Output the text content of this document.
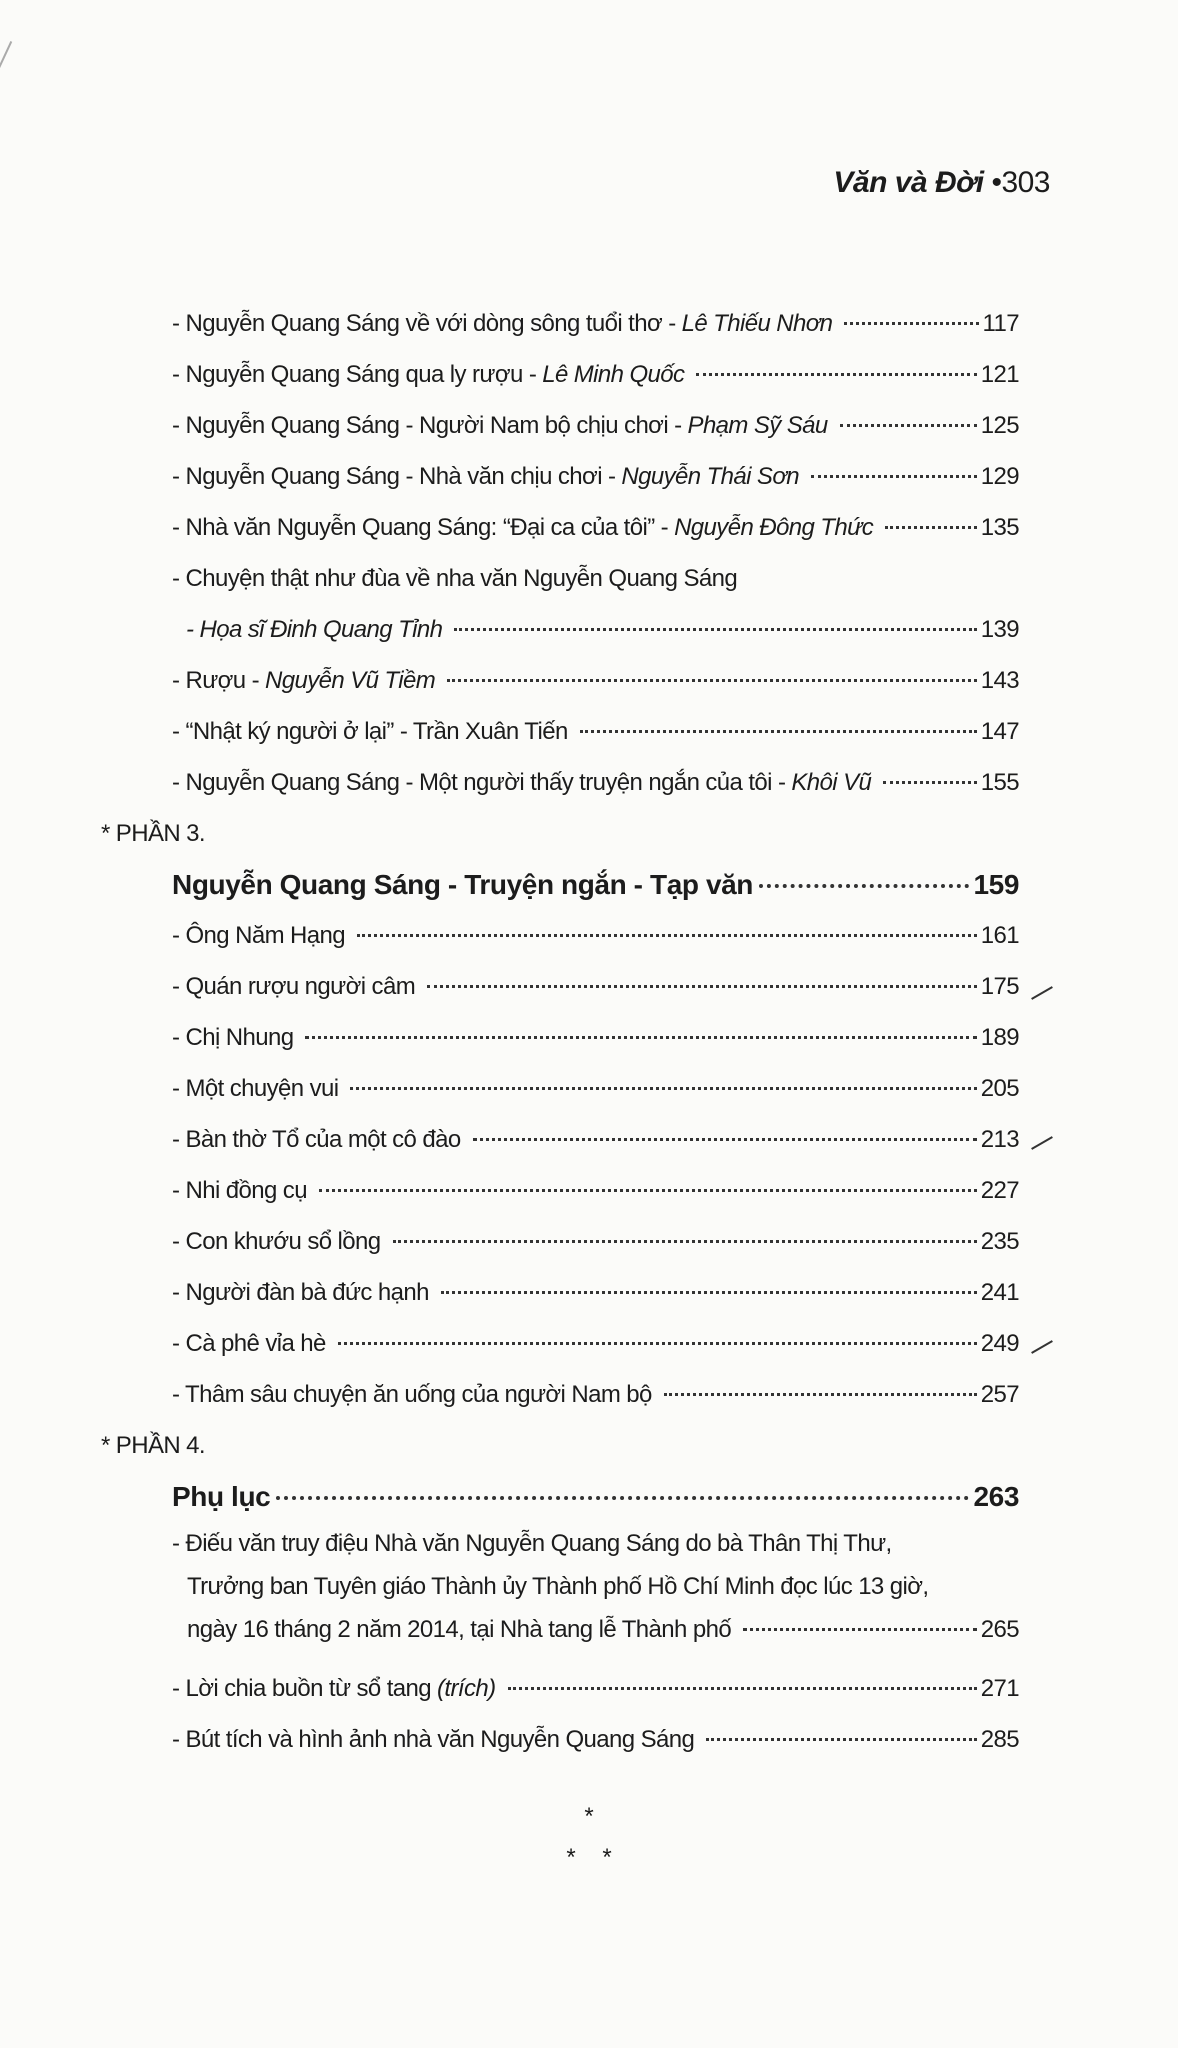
Văn và Đời •303
- Nguyễn Quang Sáng về với dòng sông tuổi thơ - Lê Thiếu Nhơn	117
- Nguyễn Quang Sáng qua ly rượu - Lê Minh Quốc	121
- Nguyễn Quang Sáng - Người Nam bộ chịu chơi - Phạm Sỹ Sáu	125
- Nguyễn Quang Sáng - Nhà văn chịu chơi - Nguyễn Thái Sơn	129
- Nhà văn Nguyễn Quang Sáng: “Đại ca của tôi” - Nguyễn Đông Thức	135
- Chuyện thật như đùa về nha văn Nguyễn Quang Sáng
- Họa sĩ Đinh Quang Tỉnh	139
- Rượu - Nguyễn Vũ Tiềm	143
- “Nhật ký người ở lại” - Trần Xuân Tiến	147
- Nguyễn Quang Sáng - Một người thấy truyện ngắn của tôi - Khôi Vũ	155
* PHẦN 3.
Nguyễn Quang Sáng - Truyện ngắn - Tạp văn	159
- Ông Năm Hạng	161
- Quán rượu người câm	175
- Chị Nhung	189
- Một chuyện vui	205
- Bàn thờ Tổ của một cô đào	213
- Nhi đồng cụ	227
- Con khướu sổ lồng	235
- Người đàn bà đức hạnh	241
- Cà phê vỉa hè	249
- Thâm sâu chuyện ăn uống của người Nam bộ	257
* PHẦN 4.
Phụ lục	263
- Điếu văn truy điệu Nhà văn Nguyễn Quang Sáng do bà Thân Thị Thư,
Trưởng ban Tuyên giáo Thành ủy Thành phố Hồ Chí Minh đọc lúc 13 giờ,
ngày 16 tháng 2 năm 2014, tại Nhà tang lễ Thành phố	265
- Lời chia buồn từ sổ tang (trích)	271
- Bút tích và hình ảnh nhà văn Nguyễn Quang Sáng	285
*
*    *
